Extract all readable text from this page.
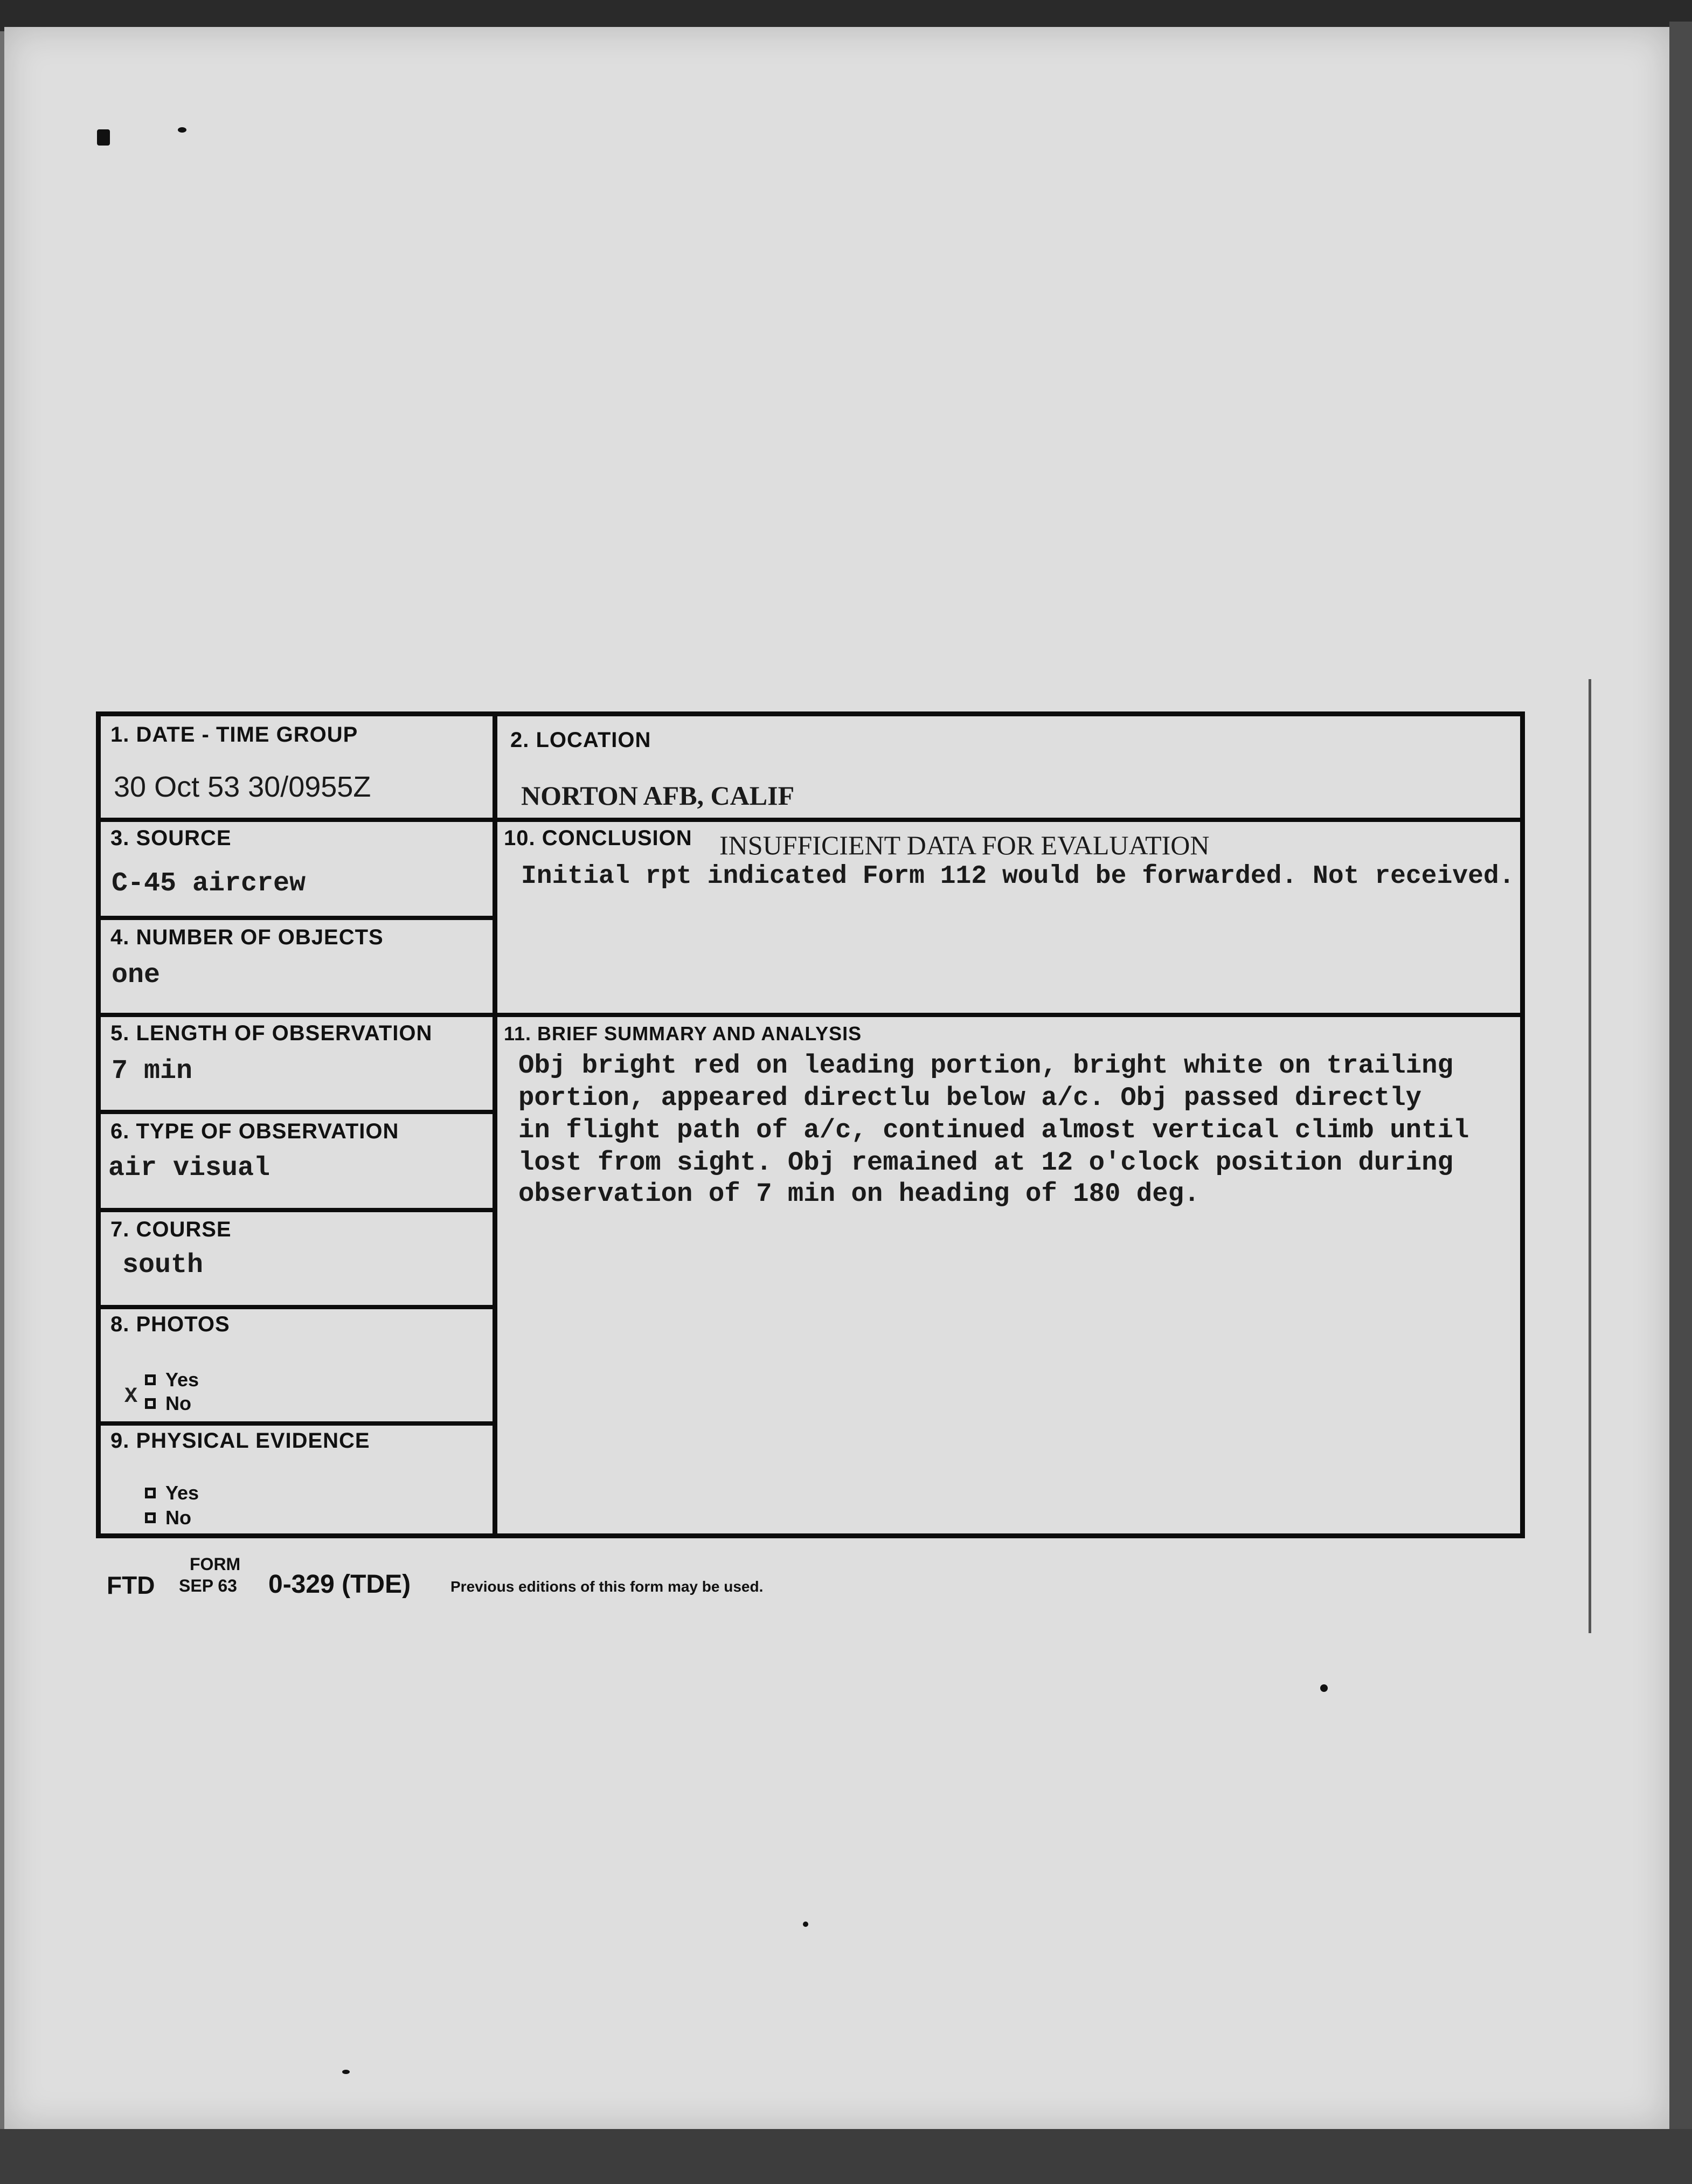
1. DATE - TIME GROUP
30 Oct 53 30/0955Z
2. LOCATION
NORTON AFB, CALIF
3. SOURCE
C-45 aircrew
4. NUMBER OF OBJECTS
one
5. LENGTH OF OBSERVATION
7 min
6. TYPE OF OBSERVATION
air visual
7. COURSE
south
8. PHOTOS
Yes
No
X
9. PHYSICAL EVIDENCE
Yes
No
10. CONCLUSION INSUFFICIENT DATA FOR EVALUATION
Initial rpt indicated Form 112 would be forwarded. Not received.
11. BRIEF SUMMARY AND ANALYSIS
Obj bright red on leading portion, bright white on trailing
portion, appeared directlu below a/c. Obj passed directly
in flight path of a/c, continued almost vertical climb until
lost from sight. Obj remained at 12 o'clock position during
observation of 7 min on heading of 180 deg.
FTD
FORM
SEP 63 0-329 (TDE)	Previous editions of this form may be used.
